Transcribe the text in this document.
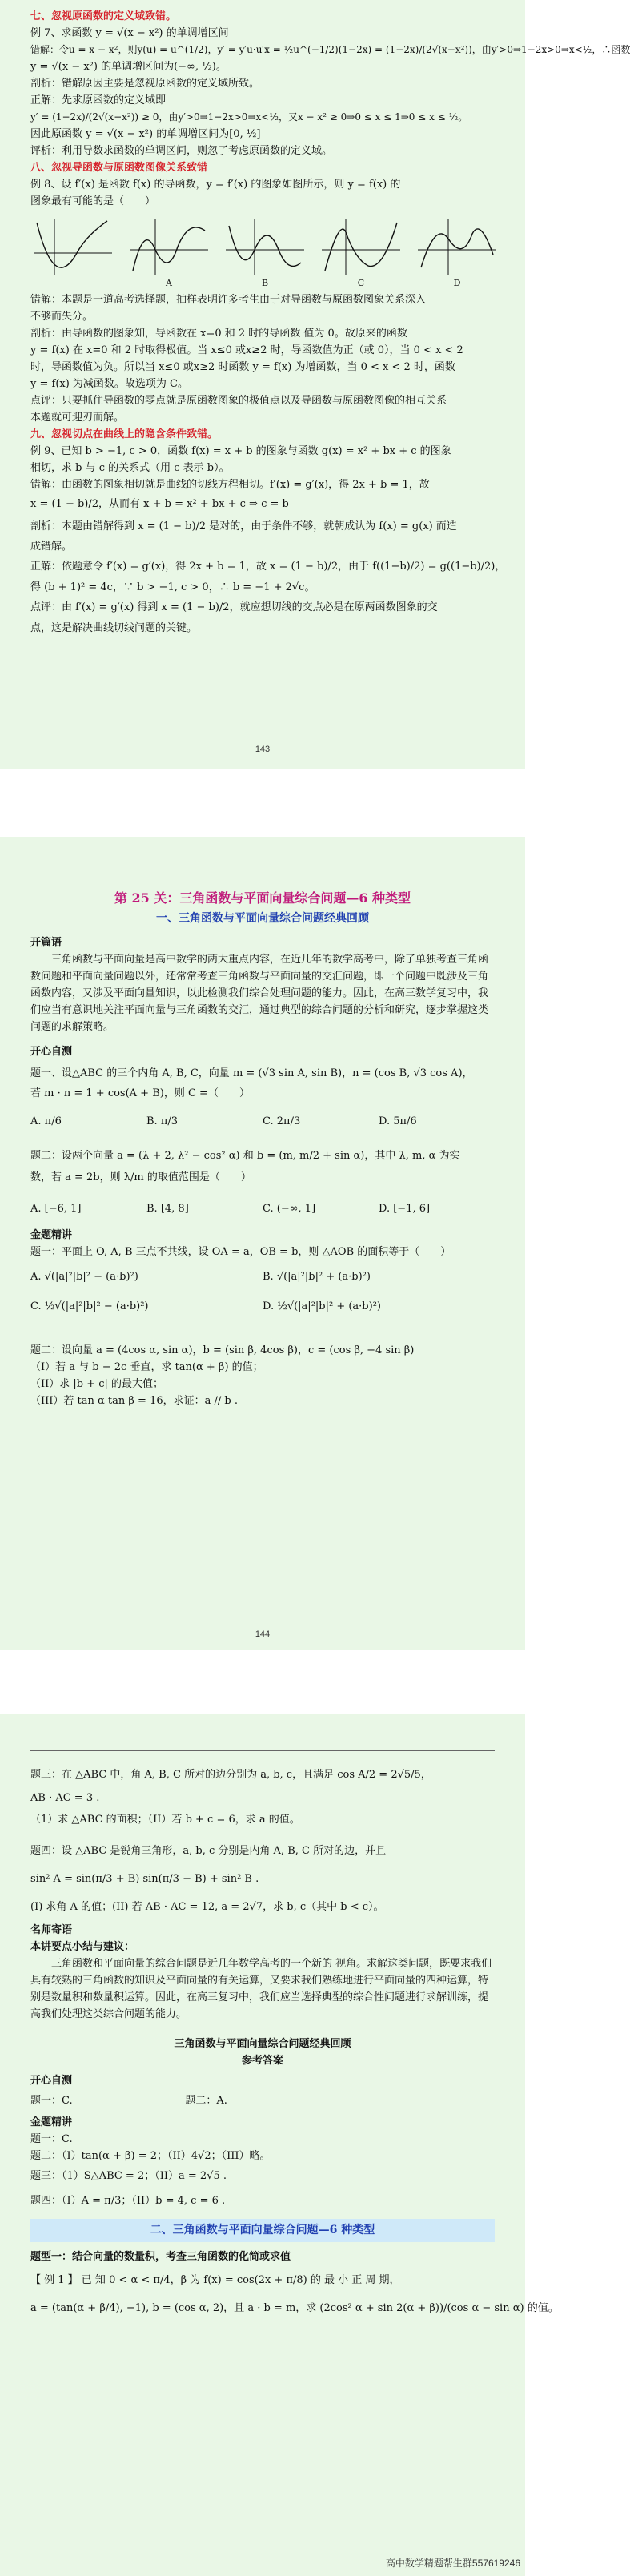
七、忽视原函数的定义域致错。
例 7、求函数 y = √(x − x²) 的单调增区间
错解：令u = x − x²，则y(u) = u^(1/2)，y′ = y′u·u′x = ½u^(−1/2)(1−2x) = (1−2x)/(2√(x−x²))，由y′>0⇒1−2x>0⇒x<½，∴函数
y = √(x − x²) 的单调增区间为(−∞, ½)。
剖析：错解原因主要是忽视原函数的定义域所致。
正解：先求原函数的定义域即
y′ = (1−2x)/(2√(x−x²)) ≥ 0，由y′>0⇒1−2x>0⇒x<½，又x − x² ≥ 0⇒0 ≤ x ≤ 1⇒0 ≤ x ≤ ½。
因此原函数 y = √(x − x²) 的单调增区间为[0, ½]
评析：利用导数求函数的单调区间，则忽了考虑原函数的定义域。
八、忽视导函数与原函数图像关系致错
例 8、设 f′(x) 是函数 f(x) 的导函数，y = f′(x) 的图象如图所示，则 y = f(x) 的
图象最有可能的是（　　）
A	B	C	D
错解：本题是一道高考选择题，抽样表明许多考生由于对导函数与原函数图象关系深入
不够而失分。
剖析：由导函数的图象知，导函数在 x=0 和 2 时的导函数 值为 0。故原来的函数
y = f(x) 在 x=0 和 2 时取得极值。当 x≤0 或x≥2 时，导函数值为正（或 0），当 0 < x < 2
时，导函数值为负。所以当 x≤0 或x≥2 时函数 y = f(x) 为增函数，当 0 < x < 2 时，函数
y = f(x) 为减函数。故选项为 C。
点评：只要抓住导函数的零点就是原函数图象的极值点以及导函数与原函数图像的相互关系
本题就可迎刃而解。
九、忽视切点在曲线上的隐含条件致错。
例 9、已知 b > −1, c > 0，函数 f(x) = x + b 的图象与函数 g(x) = x² + bx + c 的图象
相切，求 b 与 c 的关系式（用 c 表示 b）。
错解：由函数的图象相切就是曲线的切线方程相切。f′(x) = g′(x)，得 2x + b = 1，故
x = (1 − b)/2，从而有 x + b = x² + bx + c ⇒ c = b
剖析：本题由错解得到 x = (1 − b)/2 是对的，由于条件不够，就朝成认为 f(x) = g(x) 而造
成错解。
正解：依题意令 f′(x) = g′(x)，得 2x + b = 1，故 x = (1 − b)/2，由于 f((1−b)/2) = g((1−b)/2)，
得 (b + 1)² = 4c，∵ b > −1, c > 0，∴ b = −1 + 2√c。
点评：由 f′(x) = g′(x) 得到 x = (1 − b)/2，就应想切线的交点必是在原两函数图象的交
点，这是解决曲线切线问题的关键。
143
第 25 关：三角函数与平面向量综合问题—6 种类型
一、三角函数与平面向量综合问题经典回顾
开篇语
三角函数与平面向量是高中数学的两大重点内容，在近几年的数学高考中，除了单独考查三角函数问题和平面向量问题以外，还常常考查三角函数与平面向量的交汇问题，即一个问题中既涉及三角函数内容，又涉及平面向量知识，以此检测我们综合处理问题的能力。因此，在高三数学复习中，我们应当有意识地关注平面向量与三角函数的交汇，通过典型的综合问题的分析和研究，逐步掌握这类问题的求解策略。
开心自测
题一、设△ABC 的三个内角 A, B, C，向量 m = (√3 sin A, sin B)，n = (cos B, √3 cos A)，
若 m · n = 1 + cos(A + B)，则 C =（　　）
A. π/6	B. π/3	C. 2π/3	D. 5π/6
题二：设两个向量 a = (λ + 2, λ² − cos² α) 和 b = (m, m/2 + sin α)，其中 λ, m, α 为实
数，若 a = 2b，则 λ/m 的取值范围是（　　）
A. [−6, 1]	B. [4, 8]	C. (−∞, 1]	D. [−1, 6]
金题精讲
题一：平面上 O, A, B 三点不共线，设 OA = a，OB = b，则 △AOB 的面积等于（　　）
A. √(|a|²|b|² − (a·b)²)	B. √(|a|²|b|² + (a·b)²)
C. ½√(|a|²|b|² − (a·b)²)	D. ½√(|a|²|b|² + (a·b)²)
题二：设向量 a = (4cos α, sin α)，b = (sin β, 4cos β)，c = (cos β, −4 sin β)
（I）若 a 与 b − 2c 垂直，求 tan(α + β) 的值；
（II）求 |b + c| 的最大值；
（III）若 tan α tan β = 16，求证：a // b .
144
题三：在 △ABC 中，角 A, B, C 所对的边分别为 a, b, c，且满足 cos A/2 = 2√5/5，
AB · AC = 3 .
（1）求 △ABC 的面积；（II）若 b + c = 6，求 a 的值。
题四：设 △ABC 是锐角三角形，a, b, c 分别是内角 A, B, C 所对的边，并且
sin² A = sin(π/3 + B) sin(π/3 − B) + sin² B .
(I) 求角 A 的值；(II) 若 AB · AC = 12, a = 2√7，求 b, c（其中 b < c）。
名师寄语
本讲要点小结与建议：
三角函数和平面向量的综合问题是近几年数学高考的一个新的 视角。求解这类问题，既要求我们具有较熟的三角函数的知识及平面向量的有关运算，又要求我们熟练地进行平面向量的四种运算，特别是数量积和数量积运算。因此，在高三复习中，我们应当选择典型的综合性问题进行求解训练，提高我们处理这类综合问题的能力。
三角函数与平面向量综合问题经典回顾
参考答案
开心自测
题一：C.	题二：A.
金题精讲
题一：C.
题二：（I）tan(α + β) = 2；（II）4√2；（III）略。
题三：（1）S△ABC = 2；（II）a = 2√5 .
题四：（I）A = π/3；（II）b = 4, c = 6 .
二、三角函数与平面向量综合问题—6 种类型
题型一：结合向量的数量积，考查三角函数的化简或求值
【 例 1 】 已 知 0 < α < π/4，β 为 f(x) = cos(2x + π/8) 的 最 小 正 周 期，
a = (tan(α + β/4), −1), b = (cos α, 2)，且 a · b = m，求 (2cos² α + sin 2(α + β))/(cos α − sin α) 的值。
高中数学精题帮生群557619246
